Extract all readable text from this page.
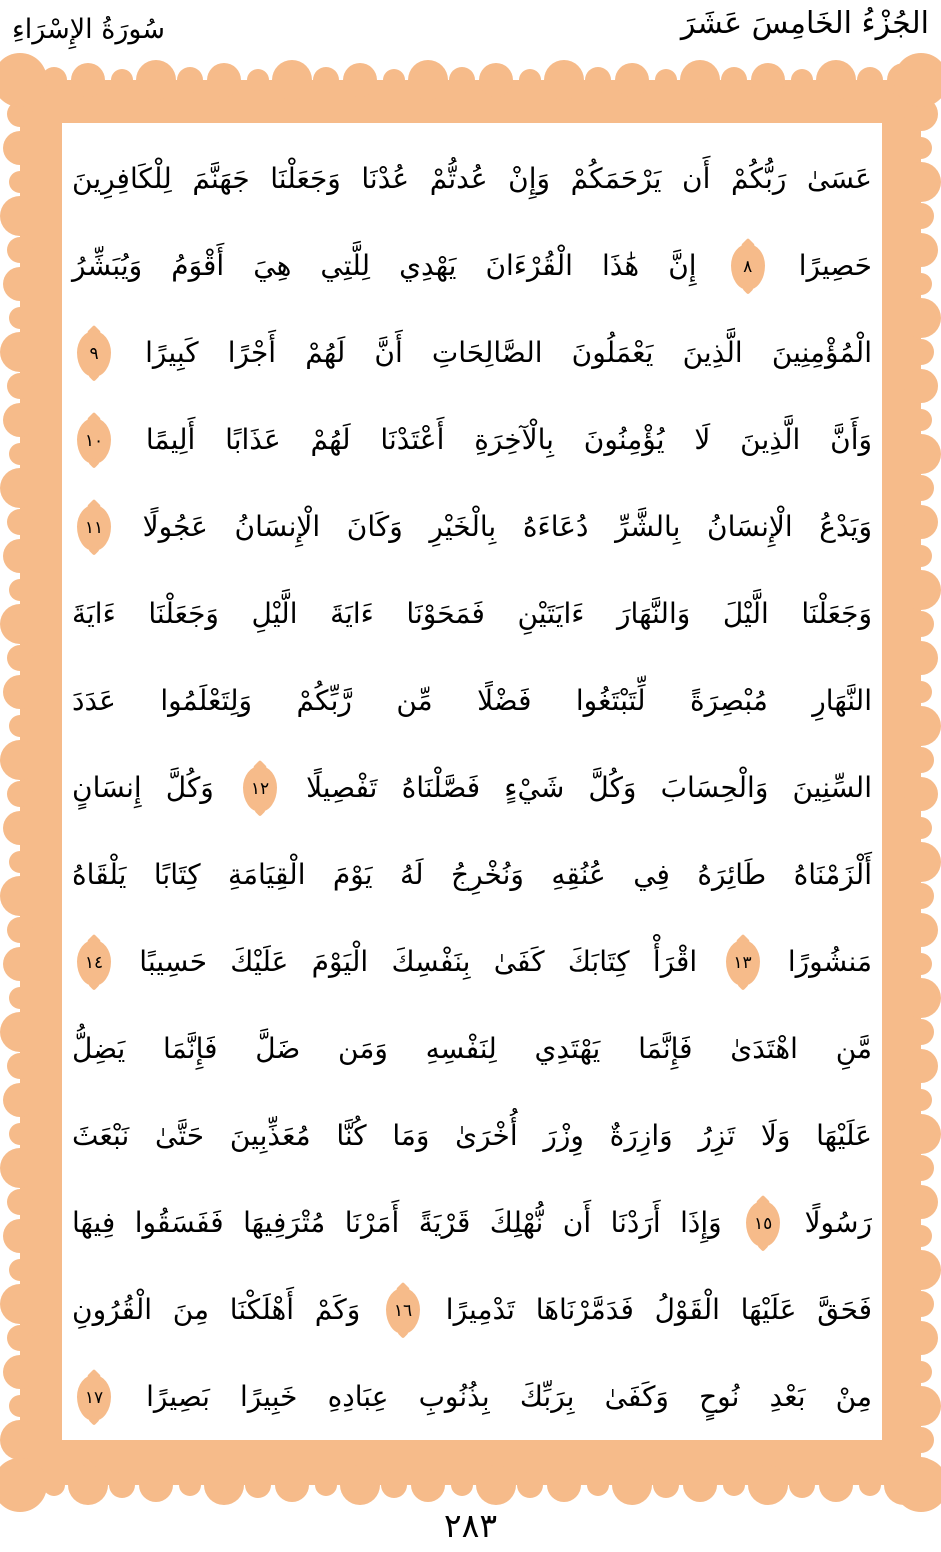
سُورَةُ الإِسْرَاءِ	الجُزْءُ الخَامِسَ عَشَرَ
عَسَىٰ رَبُّكُمْ أَن يَرْحَمَكُمْ وَإِنْ عُدتُّمْ عُدْنَا وَجَعَلْنَا جَهَنَّمَ لِلْكَافِرِينَ
حَصِيرًا ٨ إِنَّ هَٰذَا الْقُرْءَانَ يَهْدِي لِلَّتِي هِيَ أَقْوَمُ وَيُبَشِّرُ
الْمُؤْمِنِينَ الَّذِينَ يَعْمَلُونَ الصَّالِحَاتِ أَنَّ لَهُمْ أَجْرًا كَبِيرًا ٩
وَأَنَّ الَّذِينَ لَا يُؤْمِنُونَ بِالْآخِرَةِ أَعْتَدْنَا لَهُمْ عَذَابًا أَلِيمًا ١٠
وَيَدْعُ الْإِنسَانُ بِالشَّرِّ دُعَاءَهُ بِالْخَيْرِ وَكَانَ الْإِنسَانُ عَجُولًا ١١
وَجَعَلْنَا الَّيْلَ وَالنَّهَارَ ءَايَتَيْنِ فَمَحَوْنَا ءَايَةَ الَّيْلِ وَجَعَلْنَا ءَايَةَ
النَّهَارِ مُبْصِرَةً لِّتَبْتَغُوا فَضْلًا مِّن رَّبِّكُمْ وَلِتَعْلَمُوا عَدَدَ
السِّنِينَ وَالْحِسَابَ وَكُلَّ شَيْءٍ فَصَّلْنَاهُ تَفْصِيلًا ١٢ وَكُلَّ إِنسَانٍ
أَلْزَمْنَاهُ طَائِرَهُ فِي عُنُقِهِ وَنُخْرِجُ لَهُ يَوْمَ الْقِيَامَةِ كِتَابًا يَلْقَاهُ
مَنشُورًا ١٣ اقْرَأْ كِتَابَكَ كَفَىٰ بِنَفْسِكَ الْيَوْمَ عَلَيْكَ حَسِيبًا ١٤
مَّنِ اهْتَدَىٰ فَإِنَّمَا يَهْتَدِي لِنَفْسِهِ وَمَن ضَلَّ فَإِنَّمَا يَضِلُّ
عَلَيْهَا وَلَا تَزِرُ وَازِرَةٌ وِزْرَ أُخْرَىٰ وَمَا كُنَّا مُعَذِّبِينَ حَتَّىٰ نَبْعَثَ
رَسُولًا ١٥ وَإِذَا أَرَدْنَا أَن نُّهْلِكَ قَرْيَةً أَمَرْنَا مُتْرَفِيهَا فَفَسَقُوا فِيهَا
فَحَقَّ عَلَيْهَا الْقَوْلُ فَدَمَّرْنَاهَا تَدْمِيرًا ١٦ وَكَمْ أَهْلَكْنَا مِنَ الْقُرُونِ
مِنْ بَعْدِ نُوحٍ وَكَفَىٰ بِرَبِّكَ بِذُنُوبِ عِبَادِهِ خَبِيرًا بَصِيرًا ١٧
٢٨٣
